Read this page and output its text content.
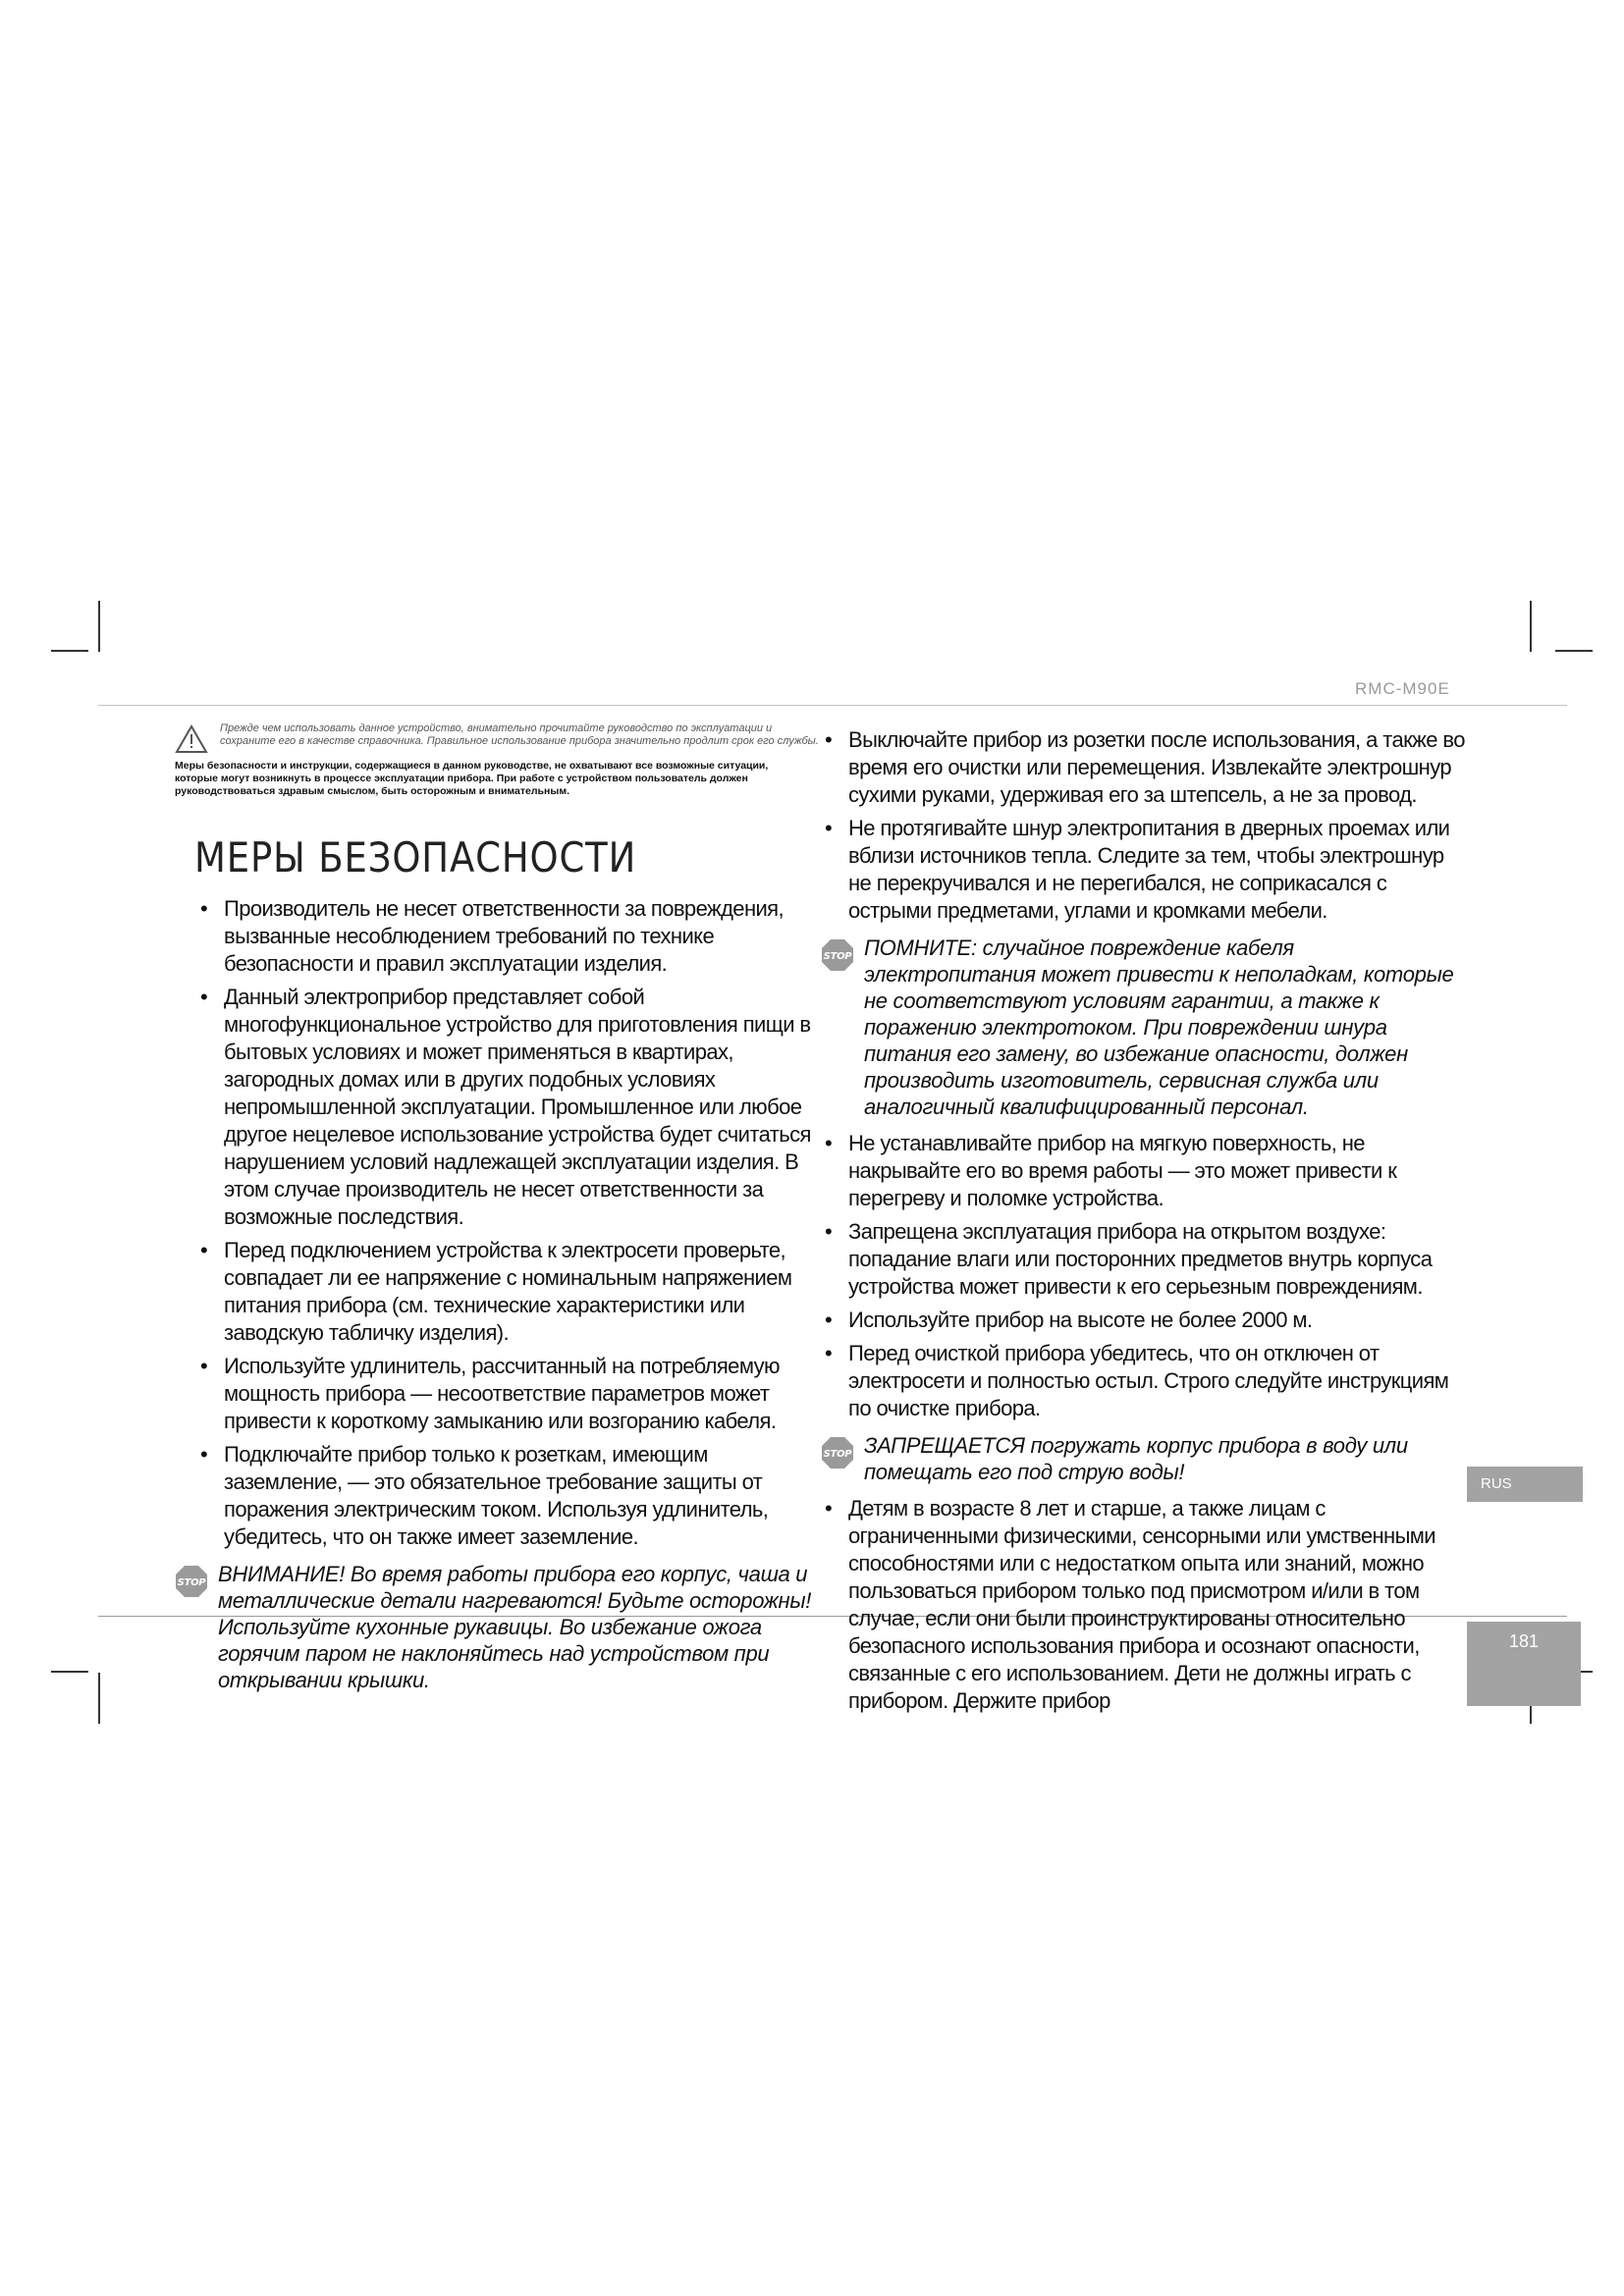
RMC-M90E
RUS
181
Прежде чем использовать данное устройство, внимательно прочитайте руководство по эксплуатации и сохраните его в качестве справочника. Правильное использование прибора значительно продлит срок его службы.
Меры безопасности и инструкции, содержащиеся в данном руководстве, не охватывают все возможные ситуации, которые могут возникнуть в процессе эксплуатации прибора. При работе с устройством пользователь должен руководствоваться здравым смыслом, быть осторожным и внимательным.
МЕРЫ БЕЗОПАСНОСТИ
• Производитель не несет ответственности за повреждения, вызванные несоблюдением требований по технике безопасности и правил эксплуатации изделия.
• Данный электроприбор представляет собой многофункциональное устройство для приготовления пищи в бытовых условиях и может применяться в квартирах, загородных домах или в других подобных условиях непромышленной эксплуатации. Промышленное или любое другое нецелевое использование устройства будет считаться нарушением условий надлежащей эксплуатации изделия. В этом случае производитель не несет ответственности за возможные последствия.
• Перед подключением устройства к электросети проверьте, совпадает ли ее напряжение с номинальным напряжением питания прибора (см. технические характеристики или заводскую табличку изделия).
• Используйте удлинитель, рассчитанный на потребляемую мощность прибора — несоответствие параметров может привести к короткому замыканию или возгоранию кабеля.
• Подключайте прибор только к розеткам, имеющим заземление, — это обязательное требование защиты от поражения электрическим током. Используя удлинитель, убедитесь, что он также имеет заземление.
STOP ВНИМАНИЕ! Во время работы прибора его корпус, чаша и металлические детали нагреваются! Будьте осторожны! Используйте кухонные рукавицы. Во избежание ожога горячим паром не наклоняйтесь над устройством при открывании крышки.
• Выключайте прибор из розетки после использования, а также во время его очистки или перемещения. Извлекайте электрошнур сухими руками, удерживая его за штепсель, а не за провод.
• Не протягивайте шнур электропитания в дверных проемах или вблизи источников тепла. Следите за тем, чтобы электрошнур не перекручивался и не перегибался, не соприкасался с острыми предметами, углами и кромками мебели.
STOP ПОМНИТЕ: случайное повреждение кабеля электропитания может привести к неполадкам, которые не соответствуют условиям гарантии, а также к поражению электротоком. При повреждении шнура питания его замену, во избежание опасности, должен производить изготовитель, сервисная служба или аналогичный квалифицированный персонал.
• Не устанавливайте прибор на мягкую поверхность, не накрывайте его во время работы — это может привести к перегреву и поломке устройства.
• Запрещена эксплуатация прибора на открытом воздухе: попадание влаги или посторонних предметов внутрь корпуса устройства может привести к его серьезным повреждениям.
• Используйте прибор на высоте не более 2000 м.
• Перед очисткой прибора убедитесь, что он отключен от электросети и полностью остыл. Строго следуйте инструкциям по очистке прибора.
STOP ЗАПРЕЩАЕТСЯ погружать корпус прибора в воду или помещать его под струю воды!
• Детям в возрасте 8 лет и старше, а также лицам с ограниченными физическими, сенсорными или умственными способностями или с недостатком опыта или знаний, можно пользоваться прибором только под присмотром и/или в том случае, если они были проинструктированы относительно безопасного использования прибора и осознают опасности, связанные с его использованием. Дети не должны играть с прибором. Держите прибор
